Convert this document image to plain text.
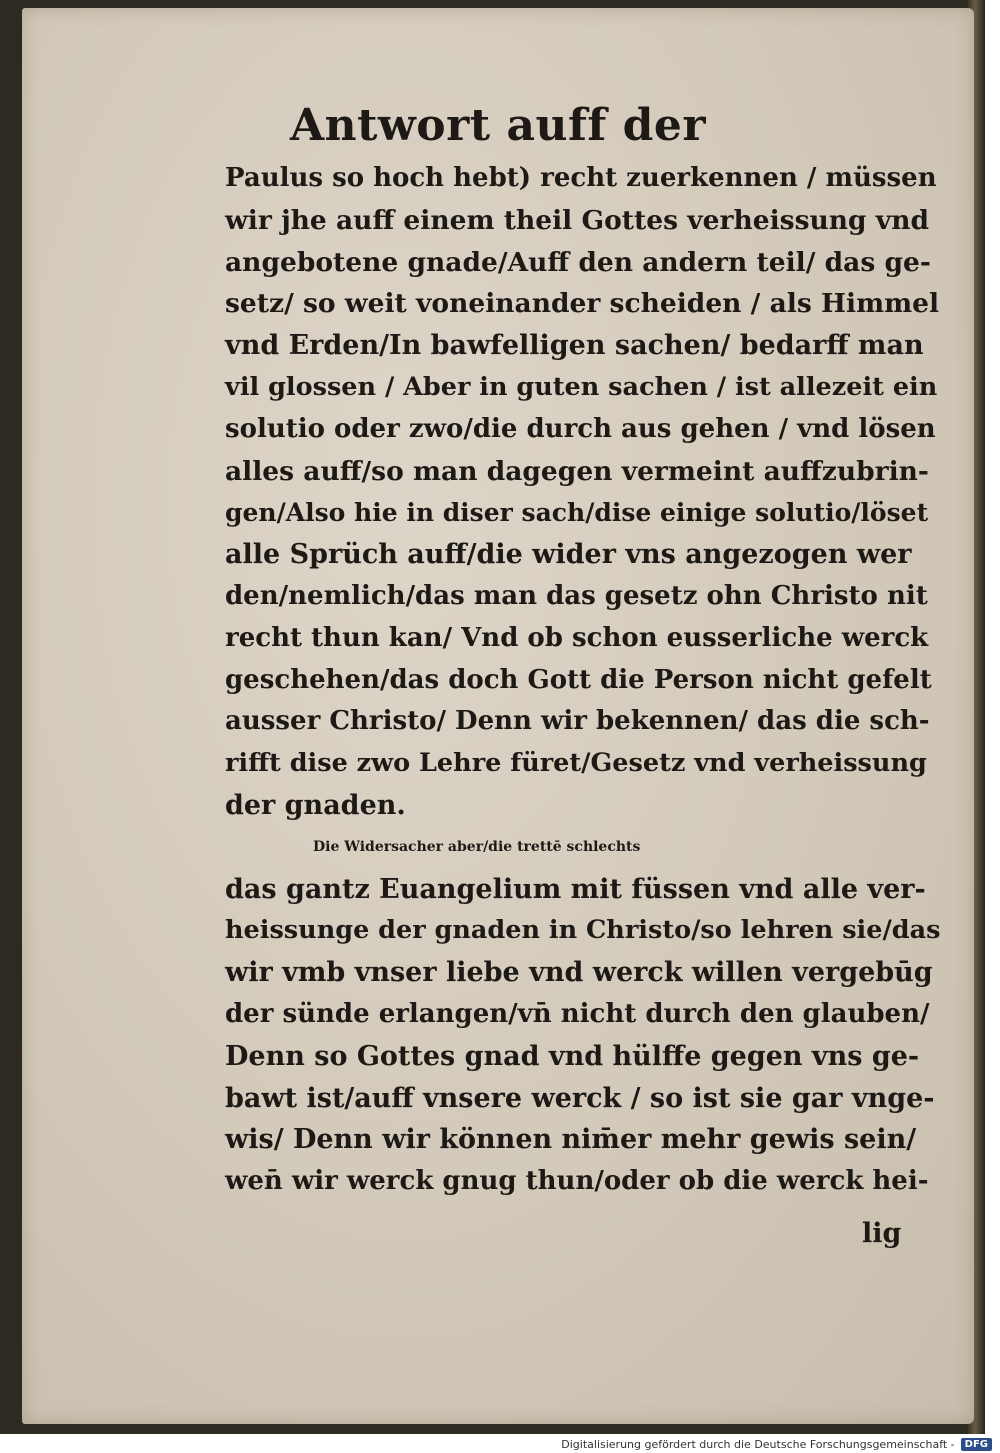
Antwort auff der
Paulus so hoch hebt) recht zuerkennen / müssen
wir jhe auff einem theil Gottes verheissung vnd
angebotene gnade/Auff den andern teil/ das ge-
setz/ so weit voneinander scheiden / als Himmel
vnd Erden/In bawfelligen sachen/ bedarff man
vil glossen / Aber in guten sachen / ist allezeit ein
solutio oder zwo/die durch aus gehen / vnd lösen
alles auff/so man dagegen vermeint auffzubrin-
gen/Also hie in diser sach/dise einige solutio/löset
alle Sprüch auff/die wider vns angezogen wer
den/nemlich/das man das gesetz ohn Christo nit
recht thun kan/ Vnd ob schon eusserliche werck
geschehen/das doch Gott die Person nicht gefelt
ausser Christo/ Denn wir bekennen/ das die sch-
rifft dise zwo Lehre füret/Gesetz vnd verheissung
der gnaden.
Die Widersacher aber/die trettē schlechts
das gantz Euangelium mit füssen vnd alle ver-
heissunge der gnaden in Christo/so lehren sie/das
wir vmb vnser liebe vnd werck willen vergebūg
der sünde erlangen/vn̄ nicht durch den glauben/
Denn so Gottes gnad vnd hülffe gegen vns ge-
bawt ist/auff vnsere werck / so ist sie gar vnge-
wis/ Denn wir können nim̄er mehr gewis sein/
wen̄ wir werck gnug thun/oder ob die werck hei-
lig
Digitalisierung gefördert durch die Deutsche Forschungsgemeinschaft -	DFG
